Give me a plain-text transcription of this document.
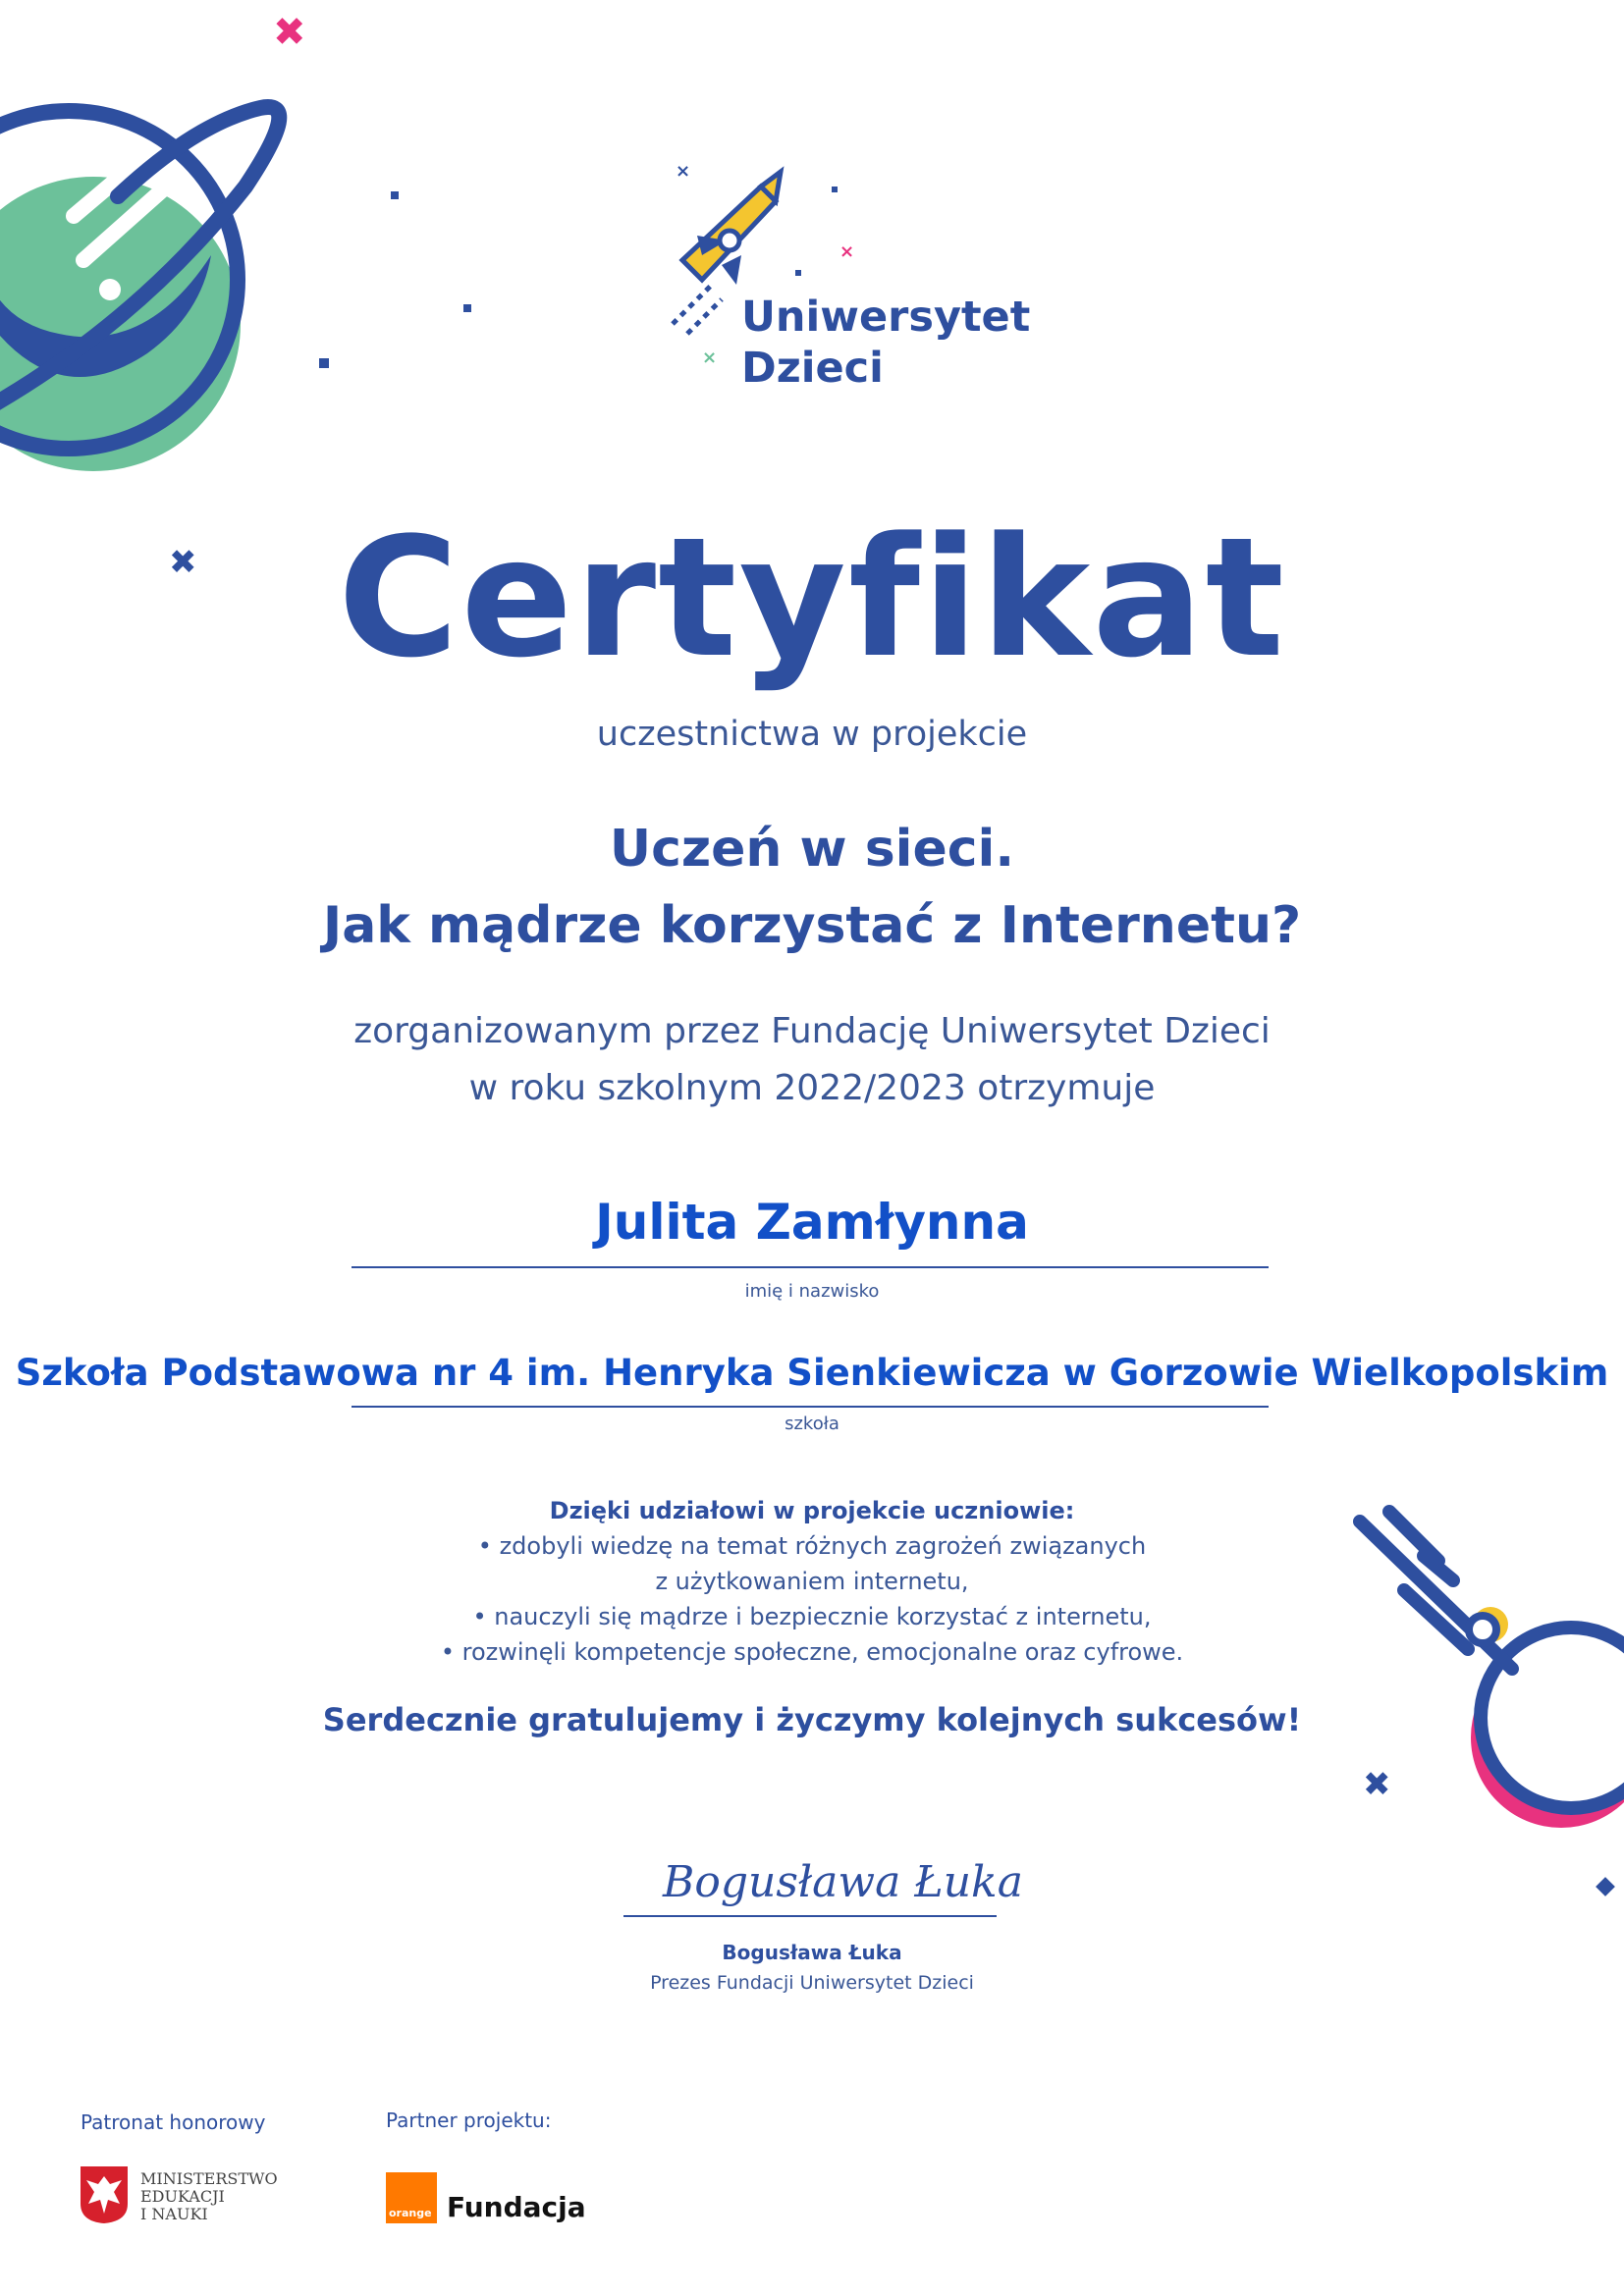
✖
✖
×
×
×
Uniwersytet
Dzieci
Certyfikat
uczestnictwa w projekcie
Uczeń w sieci.
Jak mądrze korzystać z Internetu?
zorganizowanym przez Fundację Uniwersytet Dzieci
w roku szkolnym 2022/2023 otrzymuje
Julita Zamłynna
imię i nazwisko
Szkoła Podstawowa nr 4 im. Henryka Sienkiewicza w Gorzowie Wielkopolskim
szkoła
Dzięki udziałowi w projekcie uczniowie:
• zdobyli wiedzę na temat różnych zagrożeń związanych
z użytkowaniem internetu,
• nauczyli się mądrze i bezpiecznie korzystać z internetu,
• rozwinęli kompetencje społeczne, emocjonalne oraz cyfrowe.
Serdecznie gratulujemy i życzymy kolejnych sukcesów!
✖
Bogusława Łuka
Bogusława Łuka
Prezes Fundacji Uniwersytet Dzieci
Patronat honorowy
MINISTERSTWO
EDUKACJI
I NAUKI
Partner projektu:
orange Fundacja
